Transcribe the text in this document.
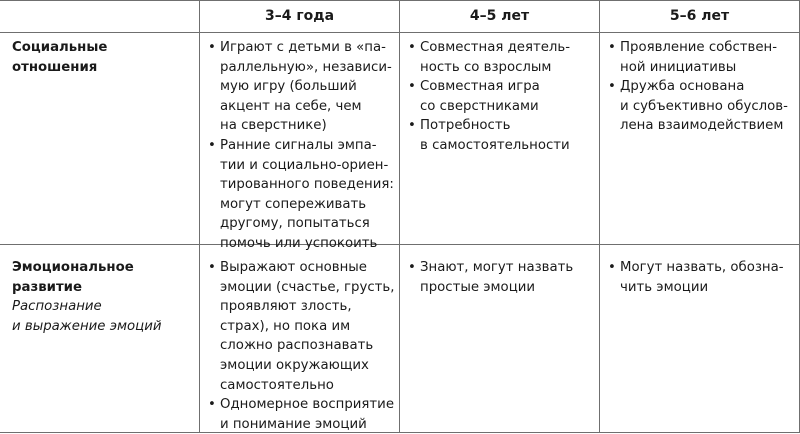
3–4 года	4–5 лет	5–6 лет
Социальные
отношения
• Играют с детьми в «па-
раллельную», независи-
мую игру (больший
акцент на себе, чем
на сверстнике)
• Ранние сигналы эмпа-
тии и социально-ориен-
тированного поведения:
могут сопереживать
другому, попытаться
помочь или успокоить
• Совместная деятель-
ность со взрослым
• Совместная игра
со сверстниками
• Потребность
в самостоятельности
• Проявление собствен-
ной инициативы
• Дружба основана
и субъективно обуслов-
лена взаимодействием
Эмоциональное
развитие
Распознание
и выражение эмоций
• Выражают основные
эмоции (счастье, грусть,
проявляют злость,
страх), но пока им
сложно распознавать
эмоции окружающих
самостоятельно
• Одномерное восприятие
и понимание эмоций
• Знают, могут назвать
простые эмоции
• Могут назвать, обозна-
чить эмоции
